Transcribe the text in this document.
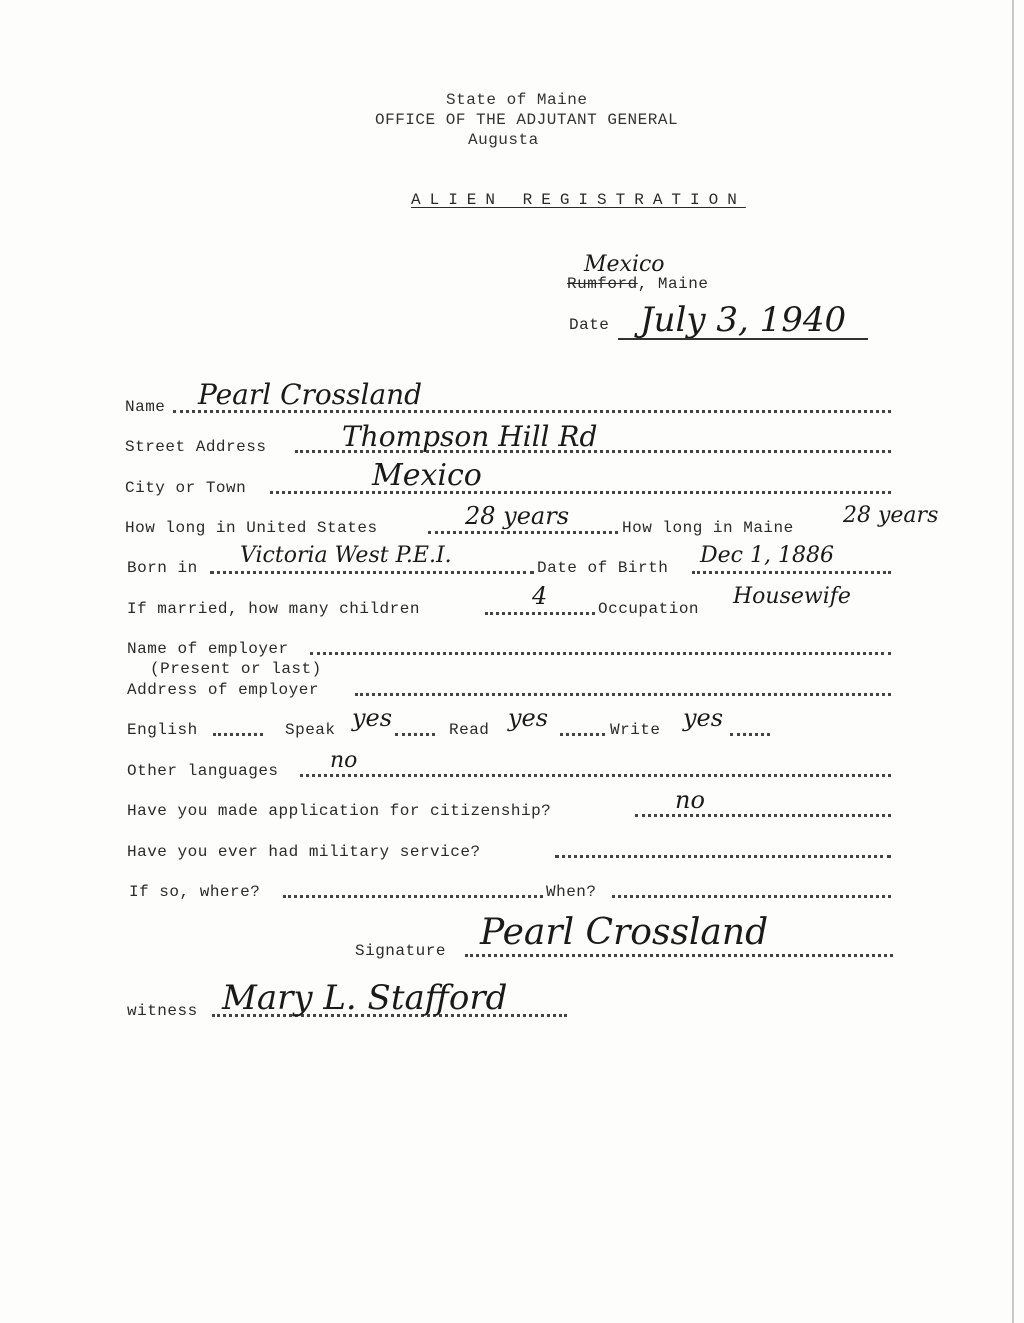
State of Maine
OFFICE OF THE ADJUTANT GENERAL
Augusta
ALIEN REGISTRATION
Mexico
Rumford, Maine
Date July 3, 1940
Name Pearl Crossland
Street Address	Thompson Hill Rd
City or Town	Mexico
How long in United States	28 years	How long in Maine 28 years
Born in Victoria West P.E.I.	Date of Birth Dec 1, 1886
If married, how many children	4	Occupation Housewife
Name of employer
(Present or last)
Address of employer
English	Speak yes	Read yes	Write yes
Other languages no
Have you made application for citizenship?	no
Have you ever had military service?
If so, where?	When?
Signature Pearl Crossland
witness Mary L. Stafford
